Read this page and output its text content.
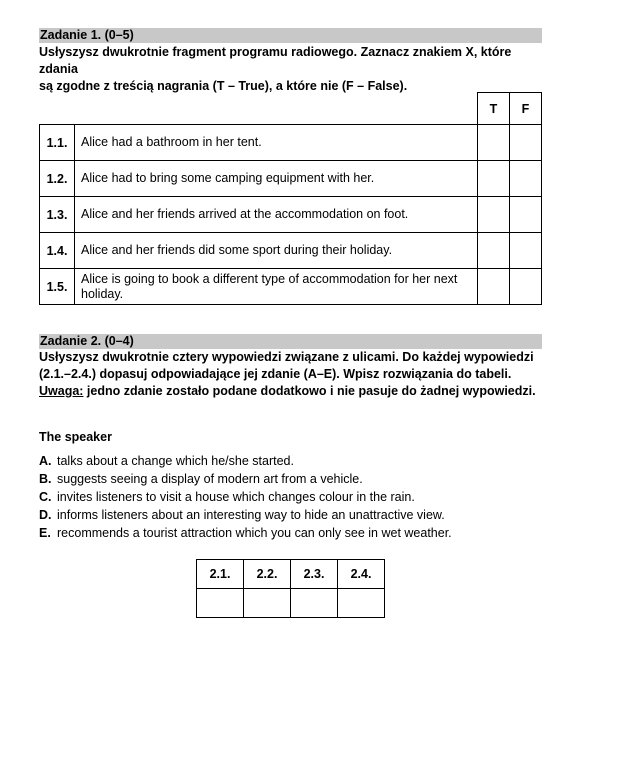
Zadanie 1. (0–5)

Usłyszysz dwukrotnie fragment programu radiowego. Zaznacz znakiem X, które zdania

są zgodne z treścią nagrania (T – True), a które nie (F – False).

		T	F
1.1.	Alice had a bathroom in her tent.		
1.2.	Alice had to bring some camping equipment with her.		
1.3.	Alice and her friends arrived at the accommodation on foot.		
1.4.	Alice and her friends did some sport during their holiday.		
1.5.	Alice is going to book a different type of accommodation for her next holiday.		
Zadanie 2. (0–4)

Usłyszysz dwukrotnie cztery wypowiedzi związane z ulicami. Do każdej wypowiedzi

(2.1.–2.4.) dopasuj odpowiadające jej zdanie (A–E). Wpisz rozwiązania do tabeli.

Uwaga: jedno zdanie zostało podane dodatkowo i nie pasuje do żadnej wypowiedzi.

The speaker
A. talks about a change which he/she started.
B. suggests seeing a display of modern art from a vehicle.
C. invites listeners to visit a house which changes colour in the rain.
D. informs listeners about an interesting way to hide an unattractive view.
E. recommends a tourist attraction which you can only see in wet weather.
2.1.	2.2.	2.3.	2.4.
